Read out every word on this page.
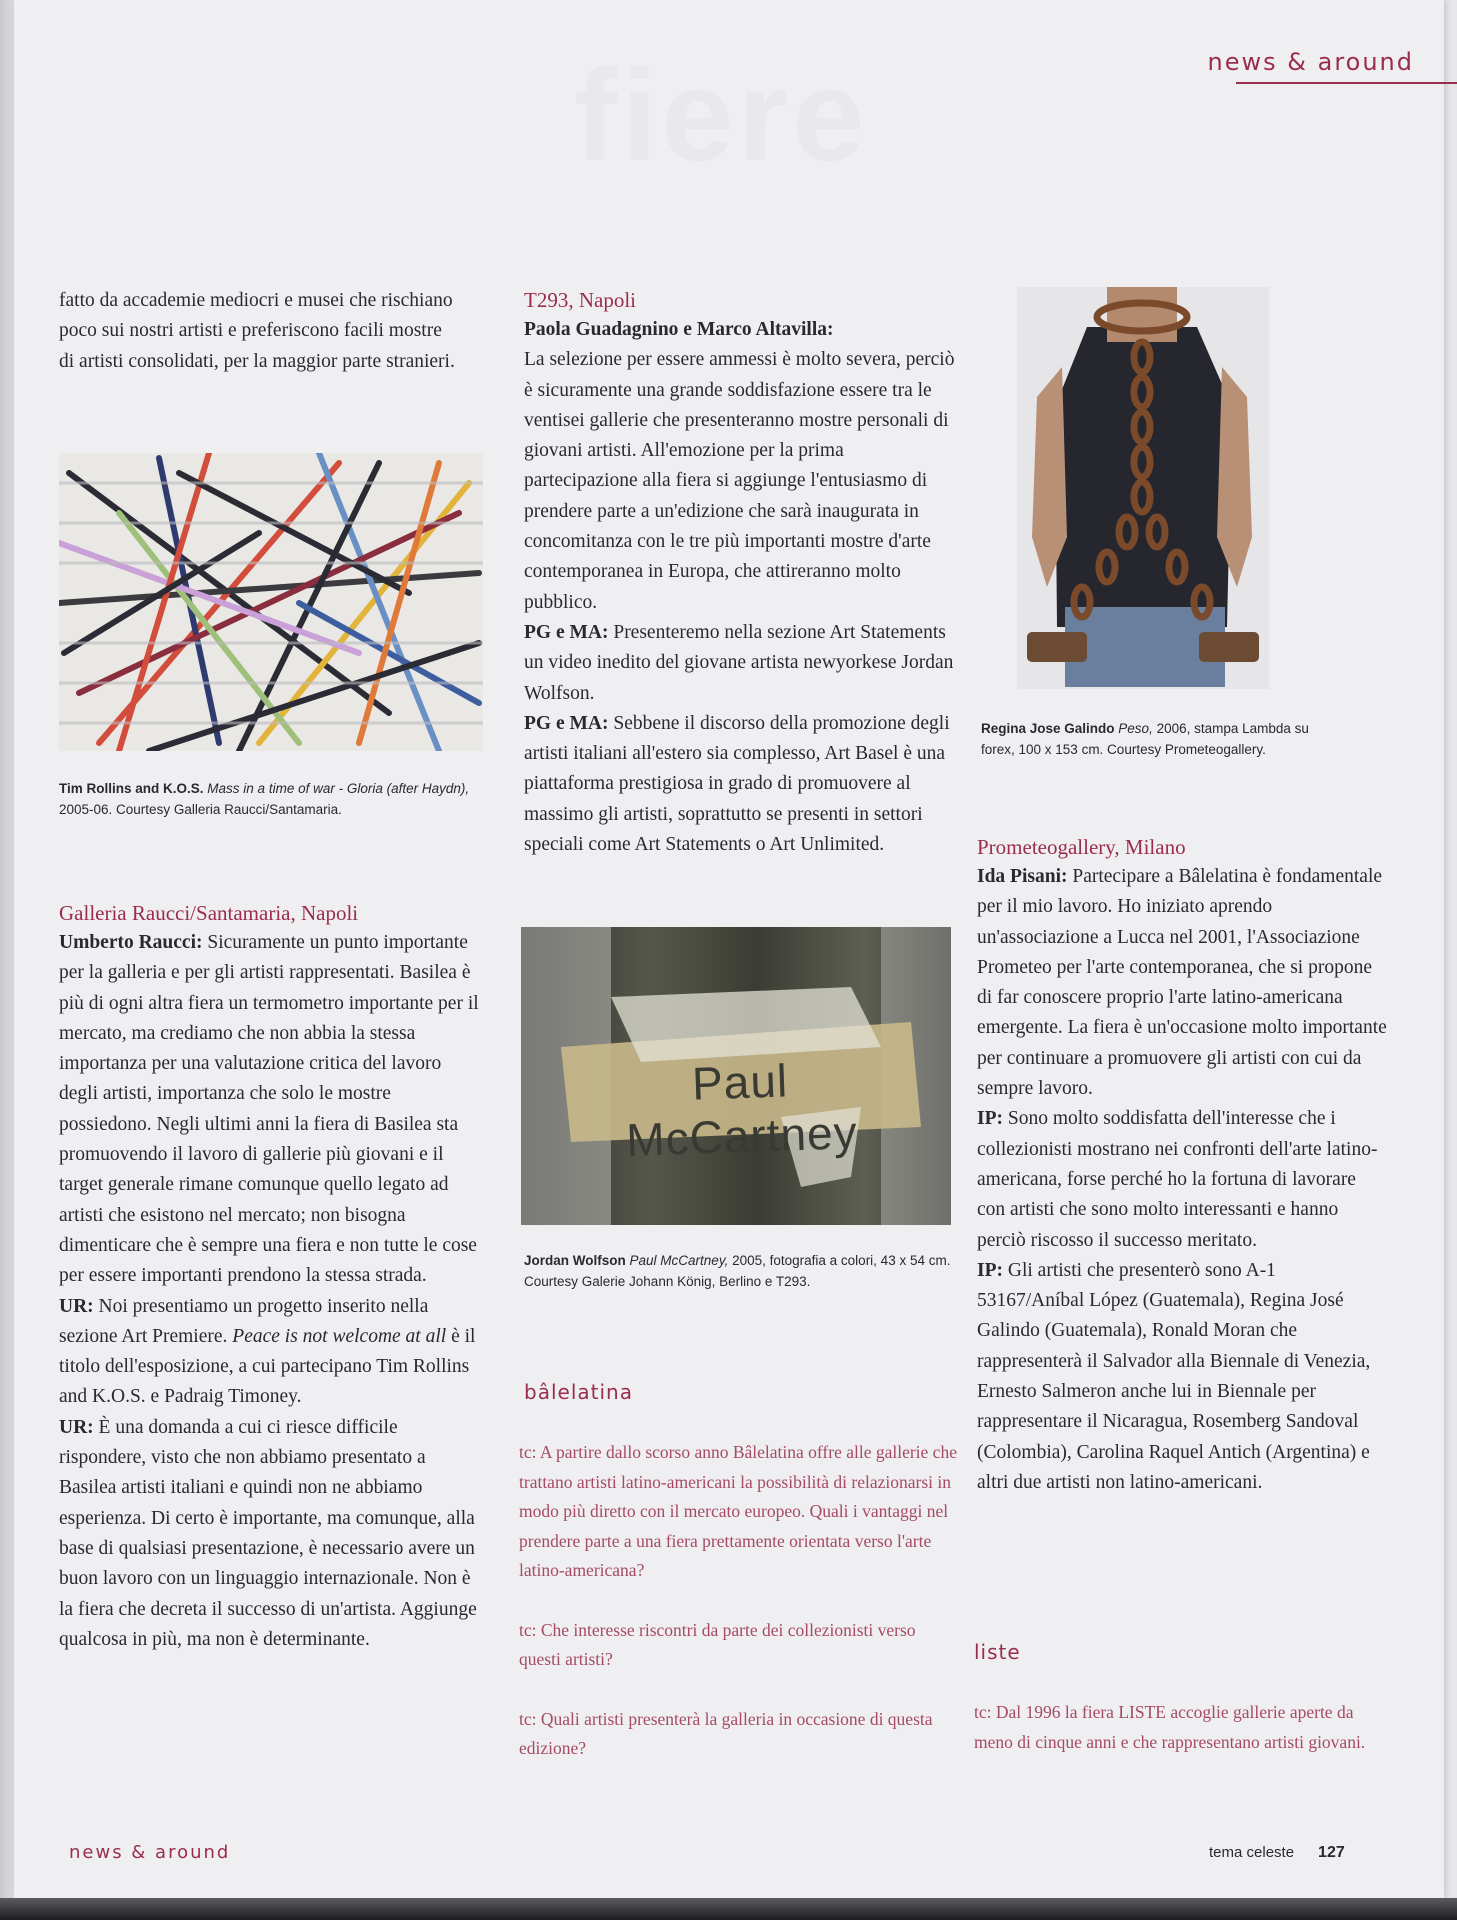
fiere	news & around

fatto da accademie mediocri e musei che rischiano poco sui nostri artisti e preferiscono facili mostre di artisti consolidati, per la maggior parte stranieri.

Tim Rollins and K.O.S. Mass in a time of war - Gloria (after Haydn), 2005-06. Courtesy Galleria Raucci/Santamaria.

Galleria Raucci/Santamaria, Napoli

Umberto Raucci: Sicuramente un punto importante per la galleria e per gli artisti rappresentati. Basilea è più di ogni altra fiera un termometro importante per il mercato, ma crediamo che non abbia la stessa importanza per una valutazione critica del lavoro degli artisti, importanza che solo le mostre possiedono. Negli ultimi anni la fiera di Basilea sta promuovendo il lavoro di gallerie più giovani e il target generale rimane comunque quello legato ad artisti che esistono nel mercato; non bisogna dimenticare che è sempre una fiera e non tutte le cose per essere importanti prendono la stessa strada.

UR: Noi presentiamo un progetto inserito nella sezione Art Premiere. Peace is not welcome at all è il titolo dell'esposizione, a cui partecipano Tim Rollins and K.O.S. e Padraig Timoney.

UR: È una domanda a cui ci riesce difficile rispondere, visto che non abbiamo presentato a Basilea artisti italiani e quindi non ne abbiamo esperienza. Di certo è importante, ma comunque, alla base di qualsiasi presentazione, è necessario avere un buon lavoro con un linguaggio internazionale. Non è la fiera che decreta il successo di un'artista. Aggiunge qualcosa in più, ma non è determinante.

T293, Napoli

Paola Guadagnino e Marco Altavilla:

La selezione per essere ammessi è molto severa, perciò è sicuramente una grande soddisfazione essere tra le ventisei gallerie che presenteranno mostre personali di giovani artisti. All'emozione per la prima partecipazione alla fiera si aggiunge l'entusiasmo di prendere parte a un'edizione che sarà inaugurata in concomitanza con le tre più importanti mostre d'arte contemporanea in Europa, che attireranno molto pubblico.

PG e MA: Presenteremo nella sezione Art Statements un video inedito del giovane artista newyorkese Jordan Wolfson.

PG e MA: Sebbene il discorso della promozione degli artisti italiani all'estero sia complesso, Art Basel è una piattaforma prestigiosa in grado di promuovere al massimo gli artisti, soprattutto se presenti in settori speciali come Art Statements o Art Unlimited.

Paul McCartney
Jordan Wolfson Paul McCartney, 2005, fotografia a colori, 43 x 54 cm. Courtesy Galerie Johann König, Berlino e T293.
bâlelatina

tc: A partire dallo scorso anno Bâlelatina offre alle gallerie che trattano artisti latino-americani la possibilità di relazionarsi in modo più diretto con il mercato europeo. Quali i vantaggi nel prendere parte a una fiera prettamente orientata verso l'arte latino-americana?

tc: Che interesse riscontri da parte dei collezionisti verso questi artisti?

tc: Quali artisti presenterà la galleria in occasione di questa edizione?

Regina Jose Galindo Peso, 2006, stampa Lambda su forex, 100 x 153 cm. Courtesy Prometeogallery.

Prometeogallery, Milano

Ida Pisani: Partecipare a Bâlelatina è fondamentale per il mio lavoro. Ho iniziato aprendo un'associazione a Lucca nel 2001, l'Associazione Prometeo per l'arte contemporanea, che si propone di far conoscere proprio l'arte latino-americana emergente. La fiera è un'occasione molto importante per continuare a promuovere gli artisti con cui da sempre lavoro.

IP: Sono molto soddisfatta dell'interesse che i collezionisti mostrano nei confronti dell'arte latino-americana, forse perché ho la fortuna di lavorare con artisti che sono molto interessanti e hanno perciò riscosso il successo meritato.

IP: Gli artisti che presenterò sono A-1 53167/Aníbal López (Guatemala), Regina José Galindo (Guatemala), Ronald Moran che rappresenterà il Salvador alla Biennale di Venezia, Ernesto Salmeron anche lui in Biennale per rappresentare il Nicaragua, Rosemberg Sandoval (Colombia), Carolina Raquel Antich (Argentina) e altri due artisti non latino-americani.

liste

tc: Dal 1996 la fiera LISTE accoglie gallerie aperte da meno di cinque anni e che rappresentano artisti giovani.

news & around	tema celeste 127
